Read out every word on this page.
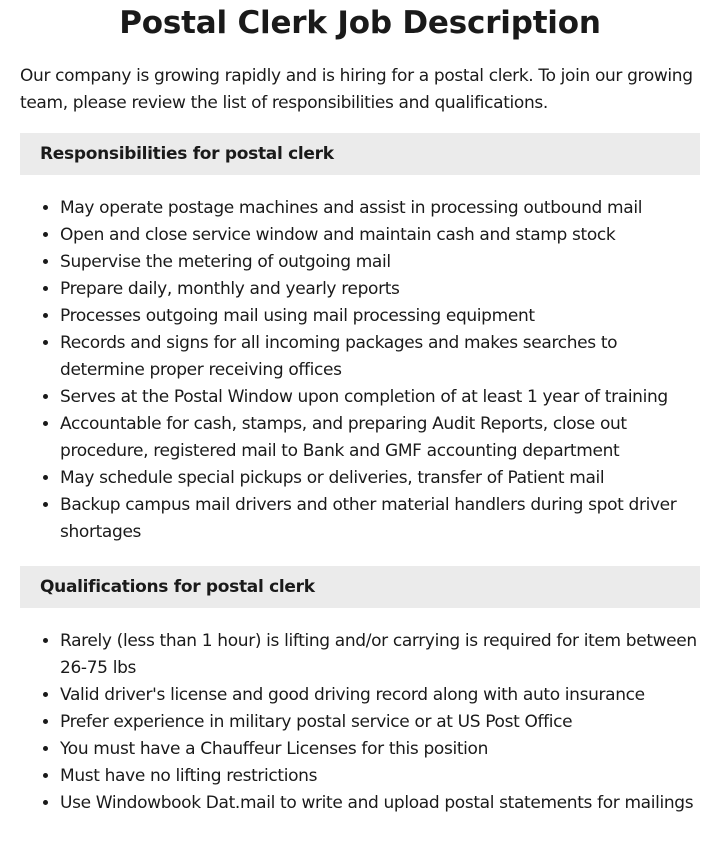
Postal Clerk Job Description

Our company is growing rapidly and is hiring for a postal clerk. To join our growing team, please review the list of responsibilities and qualifications.

Responsibilities for postal clerk
• May operate postage machines and assist in processing outbound mail
• Open and close service window and maintain cash and stamp stock
• Supervise the metering of outgoing mail
• Prepare daily, monthly and yearly reports
• Processes outgoing mail using mail processing equipment
• Records and signs for all incoming packages and makes searches to determine proper receiving offices
• Serves at the Postal Window upon completion of at least 1 year of training
• Accountable for cash, stamps, and preparing Audit Reports, close out procedure, registered mail to Bank and GMF accounting department
• May schedule special pickups or deliveries, transfer of Patient mail
• Backup campus mail drivers and other material handlers during spot driver shortages
Qualifications for postal clerk
• Rarely (less than 1 hour) is lifting and/or carrying is required for item between 26-75 lbs
• Valid driver's license and good driving record along with auto insurance
• Prefer experience in military postal service or at US Post Office
• You must have a Chauffeur Licenses for this position
• Must have no lifting restrictions
• Use Windowbook Dat.mail to write and upload postal statements for mailings
